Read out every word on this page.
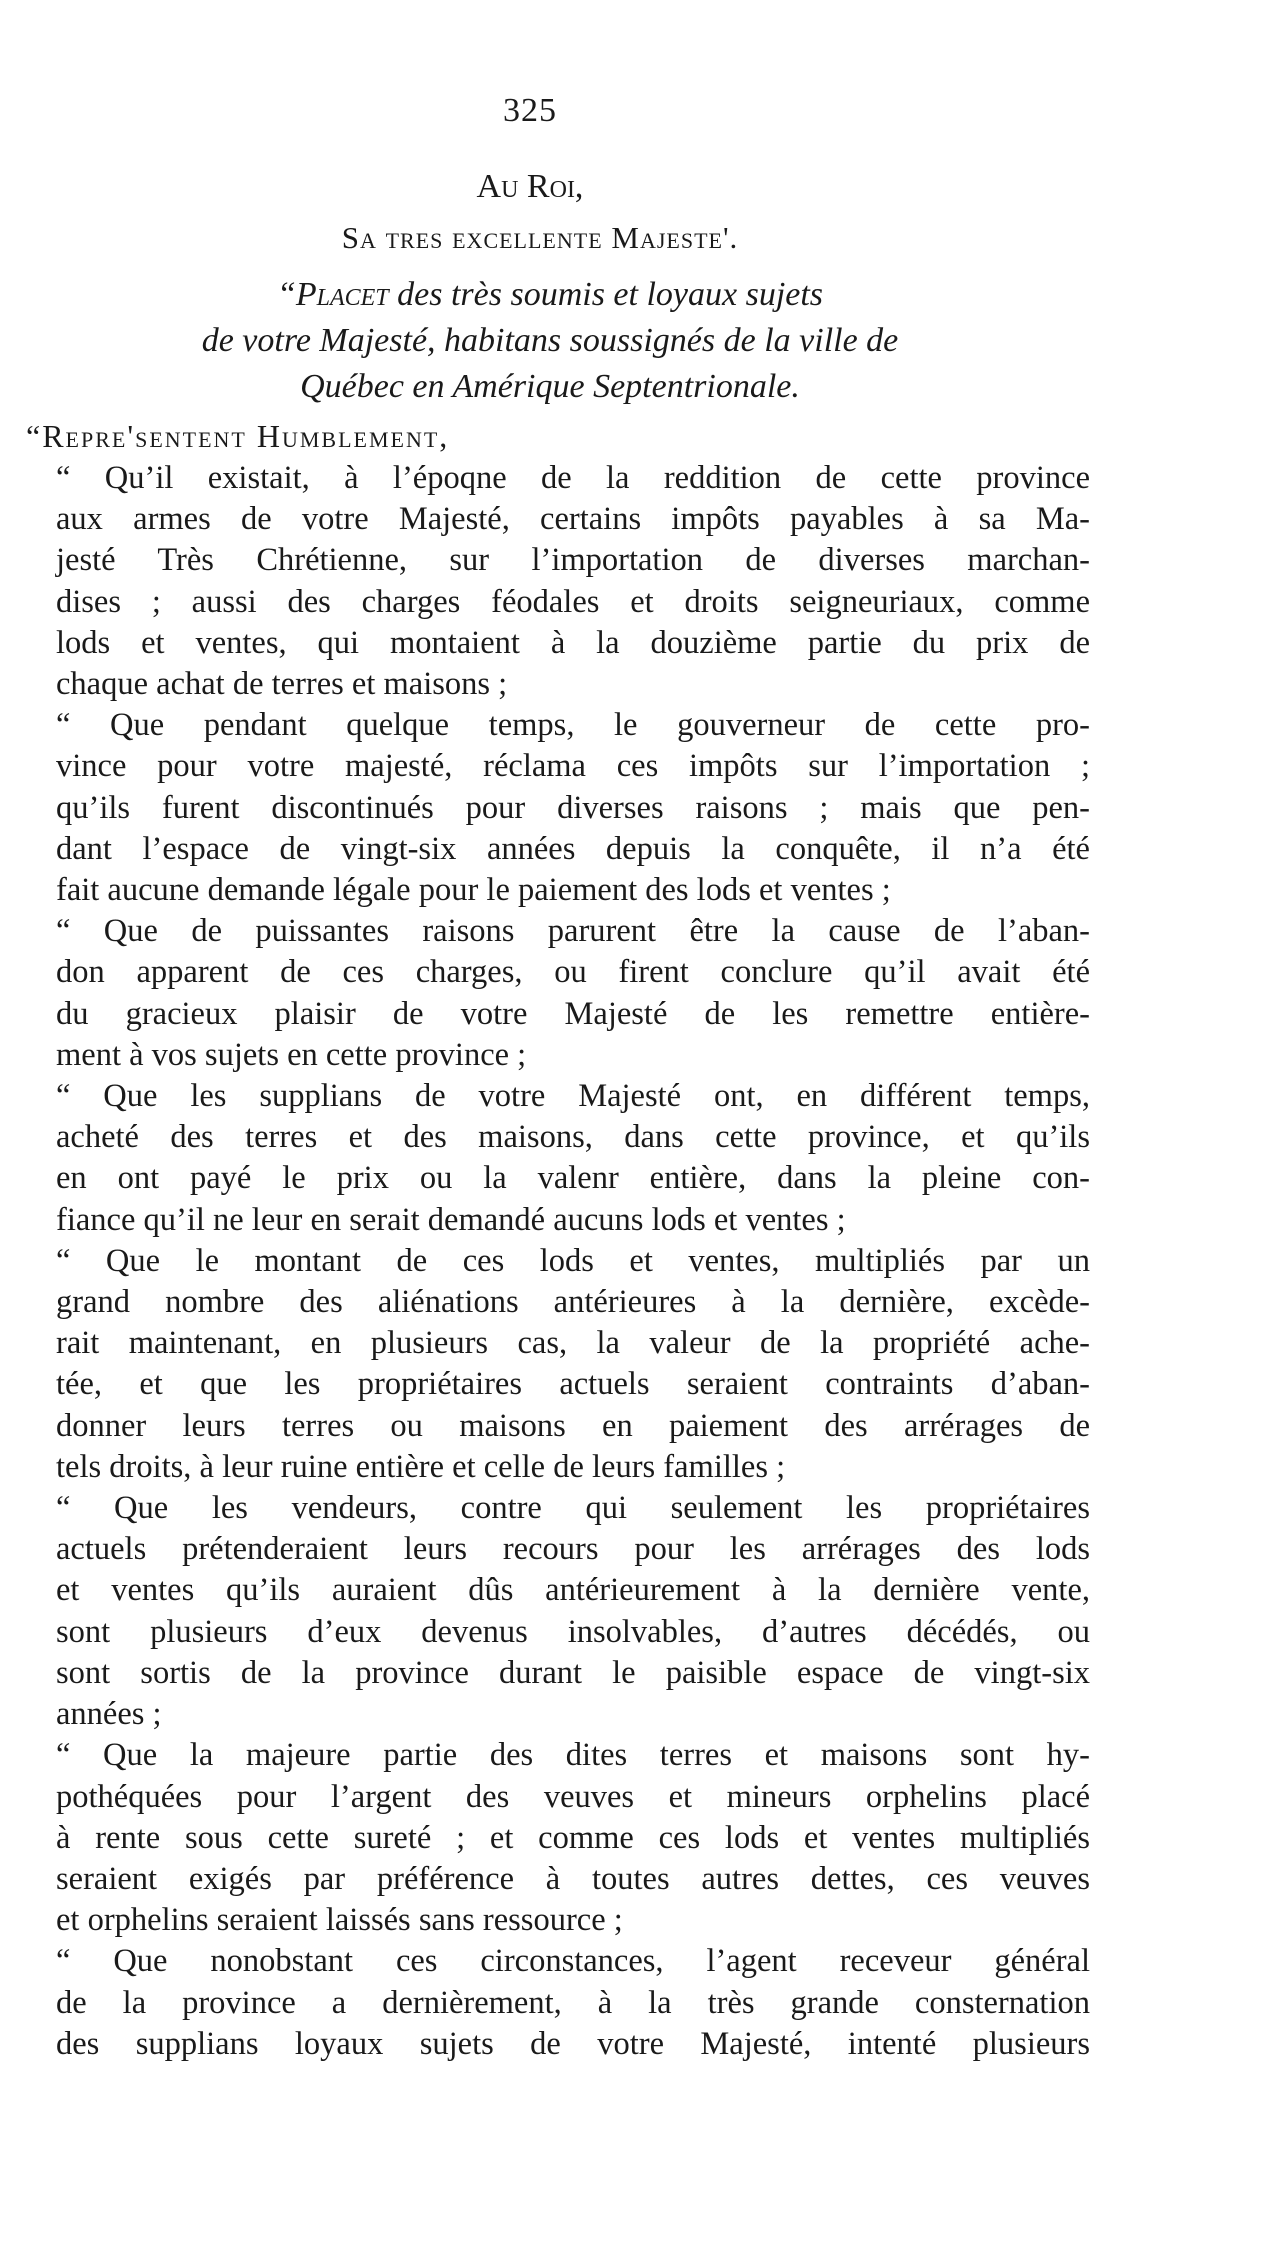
325
Au Roi,
Sa tres excellente Majeste'.
“Placet des très soumis et loyaux sujets
de votre Majesté, habitans soussignés de la ville de
Québec en Amérique Septentrionale.
“Repre'sentent Humblement,
“ Qu’il existait, à l’époqne de la reddition de cette province
aux armes de votre Majesté, certains impôts payables à sa Ma-
jesté Très Chrétienne, sur l’importation de diverses marchan-
dises ; aussi des charges féodales et droits seigneuriaux, comme
lods et ventes, qui montaient à la douzième partie du prix de
chaque achat de terres et maisons ;
“ Que pendant quelque temps, le gouverneur de cette pro-
vince pour votre majesté, réclama ces impôts sur l’importation ;
qu’ils furent discontinués pour diverses raisons ; mais que pen-
dant l’espace de vingt-six années depuis la conquête, il n’a été
fait aucune demande légale pour le paiement des lods et ventes ;
“ Que de puissantes raisons parurent être la cause de l’aban-
don apparent de ces charges, ou firent conclure qu’il avait été
du gracieux plaisir de votre Majesté de les remettre entière-
ment à vos sujets en cette province ;
“ Que les supplians de votre Majesté ont, en différent temps,
acheté des terres et des maisons, dans cette province, et qu’ils
en ont payé le prix ou la valenr entière, dans la pleine con-
fiance qu’il ne leur en serait demandé aucuns lods et ventes ;
“ Que le montant de ces lods et ventes, multipliés par un
grand nombre des aliénations antérieures à la dernière, excède-
rait maintenant, en plusieurs cas, la valeur de la propriété ache-
tée, et que les propriétaires actuels seraient contraints d’aban-
donner leurs terres ou maisons en paiement des arrérages de
tels droits, à leur ruine entière et celle de leurs familles ;
“ Que les vendeurs, contre qui seulement les propriétaires
actuels prétenderaient leurs recours pour les arrérages des lods
et ventes qu’ils auraient dûs antérieurement à la dernière vente,
sont plusieurs d’eux devenus insolvables, d’autres décédés, ou
sont sortis de la province durant le paisible espace de vingt-six
années ;
“ Que la majeure partie des dites terres et maisons sont hy-
pothéquées pour l’argent des veuves et mineurs orphelins placé
à rente sous cette sureté ; et comme ces lods et ventes multipliés
seraient exigés par préférence à toutes autres dettes, ces veuves
et orphelins seraient laissés sans ressource ;
“ Que nonobstant ces circonstances, l’agent receveur général
de la province a dernièrement, à la très grande consternation
des supplians loyaux sujets de votre Majesté, intenté plusieurs
